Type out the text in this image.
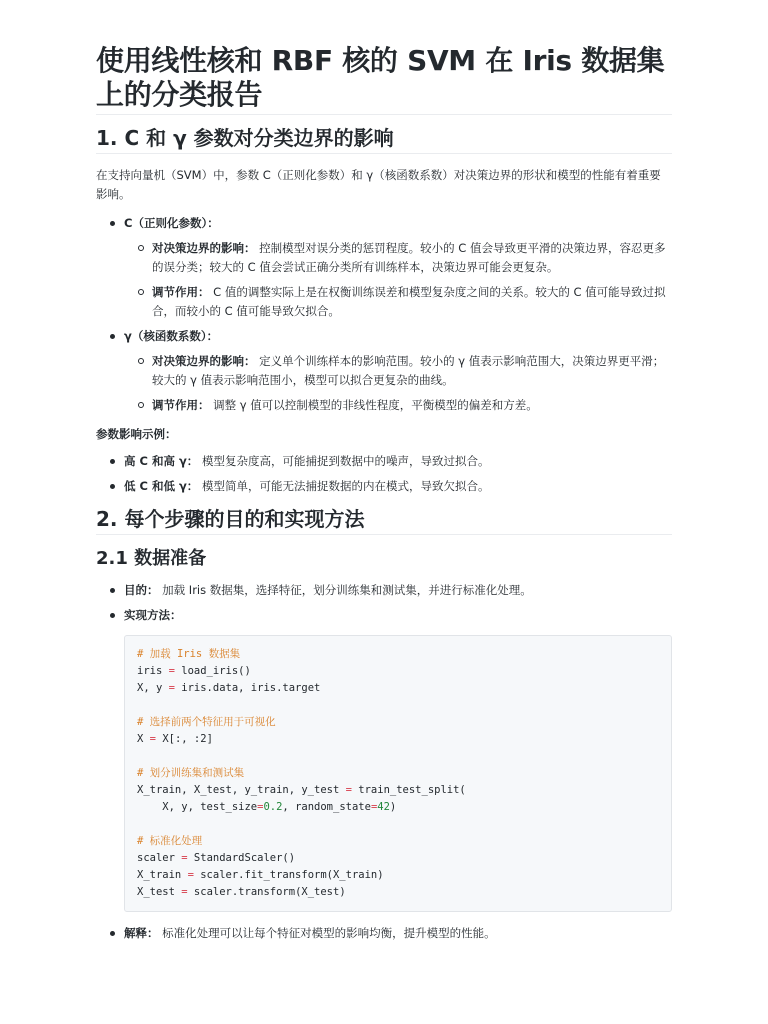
使用线性核和 RBF 核的 SVM 在 Iris 数据集上的分类报告
1. C 和 γ 参数对分类边界的影响

在支持向量机（SVM）中，参数 C（正则化参数）和 γ（核函数系数）对决策边界的形状和模型的性能有着重要影响。

C（正则化参数）：
对决策边界的影响： 控制模型对误分类的惩罚程度。较小的 C 值会导致更平滑的决策边界，容忍更多的误分类；较大的 C 值会尝试正确分类所有训练样本，决策边界可能会更复杂。
调节作用： C 值的调整实际上是在权衡训练误差和模型复杂度之间的关系。较大的 C 值可能导致过拟合，而较小的 C 值可能导致欠拟合。
γ（核函数系数）：
对决策边界的影响： 定义单个训练样本的影响范围。较小的 γ 值表示影响范围大，决策边界更平滑；较大的 γ 值表示影响范围小，模型可以拟合更复杂的曲线。
调节作用： 调整 γ 值可以控制模型的非线性程度，平衡模型的偏差和方差。

参数影响示例：

高 C 和高 γ： 模型复杂度高，可能捕捉到数据中的噪声，导致过拟合。
低 C 和低 γ： 模型简单，可能无法捕捉数据的内在模式，导致欠拟合。
2. 每个步骤的目的和实现方法
2.1 数据准备
目的： 加载 Iris 数据集，选择特征，划分训练集和测试集，并进行标准化处理。
实现方法：
# 加载 Iris 数据集
iris = load_iris()
X, y = iris.data, iris.target

# 选择前两个特征用于可视化
X = X[:, :2]

# 划分训练集和测试集
X_train, X_test, y_train, y_test = train_test_split(
X, y, test_size=0.2, random_state=42)

# 标准化处理
scaler = StandardScaler()
X_train = scaler.fit_transform(X_train)
X_test = scaler.transform(X_test)
解释： 标准化处理可以让每个特征对模型的影响均衡，提升模型的性能。
